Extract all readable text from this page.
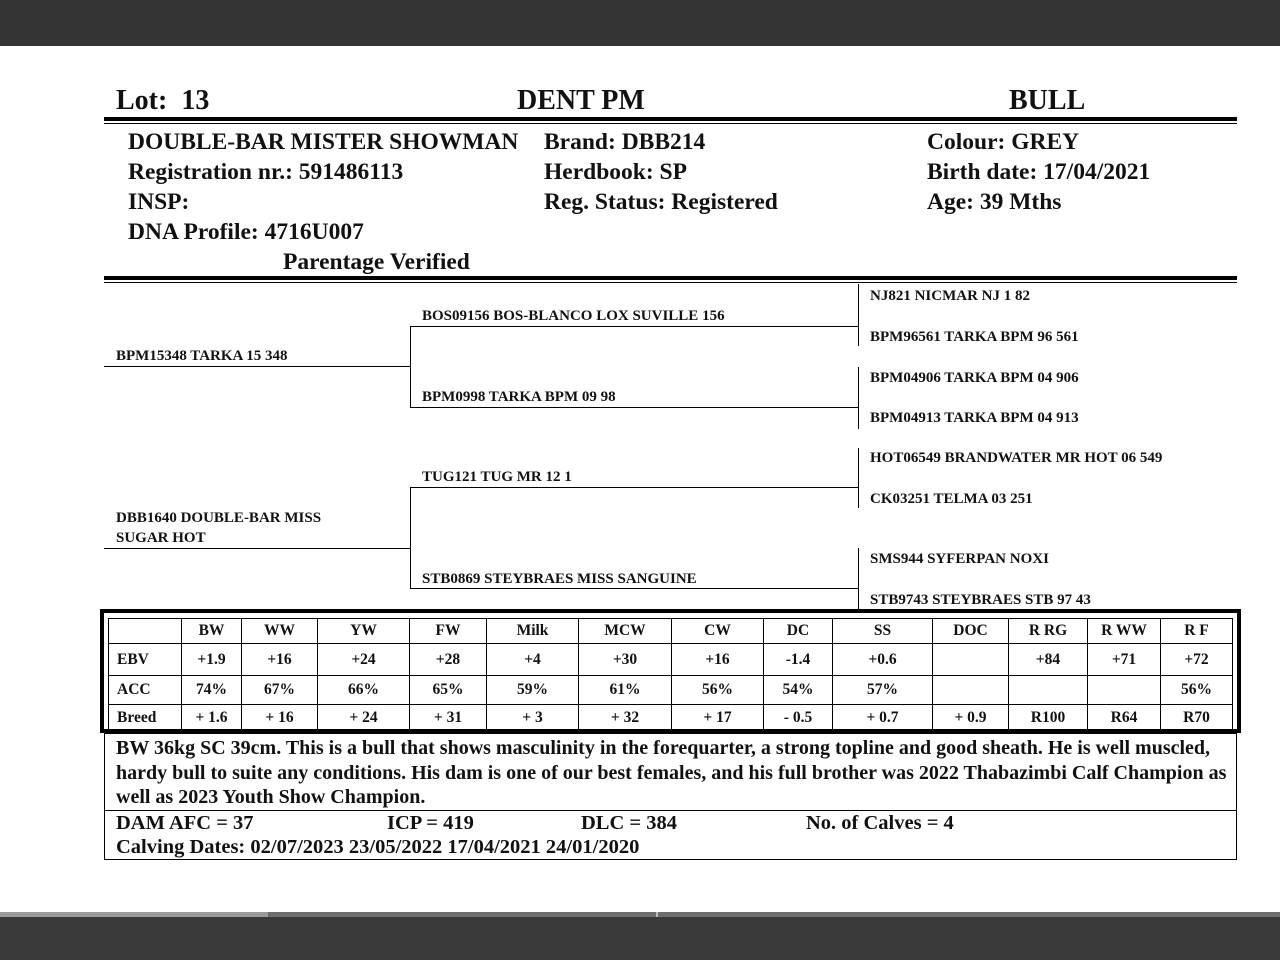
Lot: 13	DENT PM	BULL
DOUBLE-BAR MISTER SHOWMAN
Registration nr.: 591486113
INSP:
DNA Profile: 4716U007
Parentage Verified
Brand: DBB214
Herdbook: SP
Reg. Status: Registered
Colour: GREY
Birth date: 17/04/2021
Age: 39 Mths
BPM15348 TARKA 15 348
DBB1640 DOUBLE-BAR MISS
SUGAR HOT
BOS09156 BOS-BLANCO LOX SUVILLE 156
BPM0998 TARKA BPM 09 98
TUG121 TUG MR 12 1
STB0869 STEYBRAES MISS SANGUINE
NJ821 NICMAR NJ 1 82
BPM96561 TARKA BPM 96 561
BPM04906 TARKA BPM 04 906
BPM04913 TARKA BPM 04 913
HOT06549 BRANDWATER MR HOT 06 549
CK03251 TELMA 03 251
SMS944 SYFERPAN NOXI
STB9743 STEYBRAES STB 97 43
	BW	WW	YW	FW	Milk	MCW	CW	DC	SS	DOC	R RG	R WW	R F
EBV	+1.9	+16	+24	+28	+4	+30	+16	-1.4	+0.6		+84	+71	+72
ACC	74%	67%	66%	65%	59%	61%	56%	54%	57%				56%
Breed	+ 1.6	+ 16	+ 24	+ 31	+ 3	+ 32	+ 17	- 0.5	+ 0.7	+ 0.9	R100	R64	R70
BW 36kg SC 39cm. This is a bull that shows masculinity in the forequarter, a strong topline and good sheath. He is well muscled, hardy bull to suite any conditions. His dam is one of our best females, and his full brother was 2022 Thabazimbi Calf Champion as well as 2023 Youth Show Champion.
DAM AFC = 37	ICP = 419	DLC = 384	No. of Calves = 4
Calving Dates: 02/07/2023 23/05/2022 17/04/2021 24/01/2020
